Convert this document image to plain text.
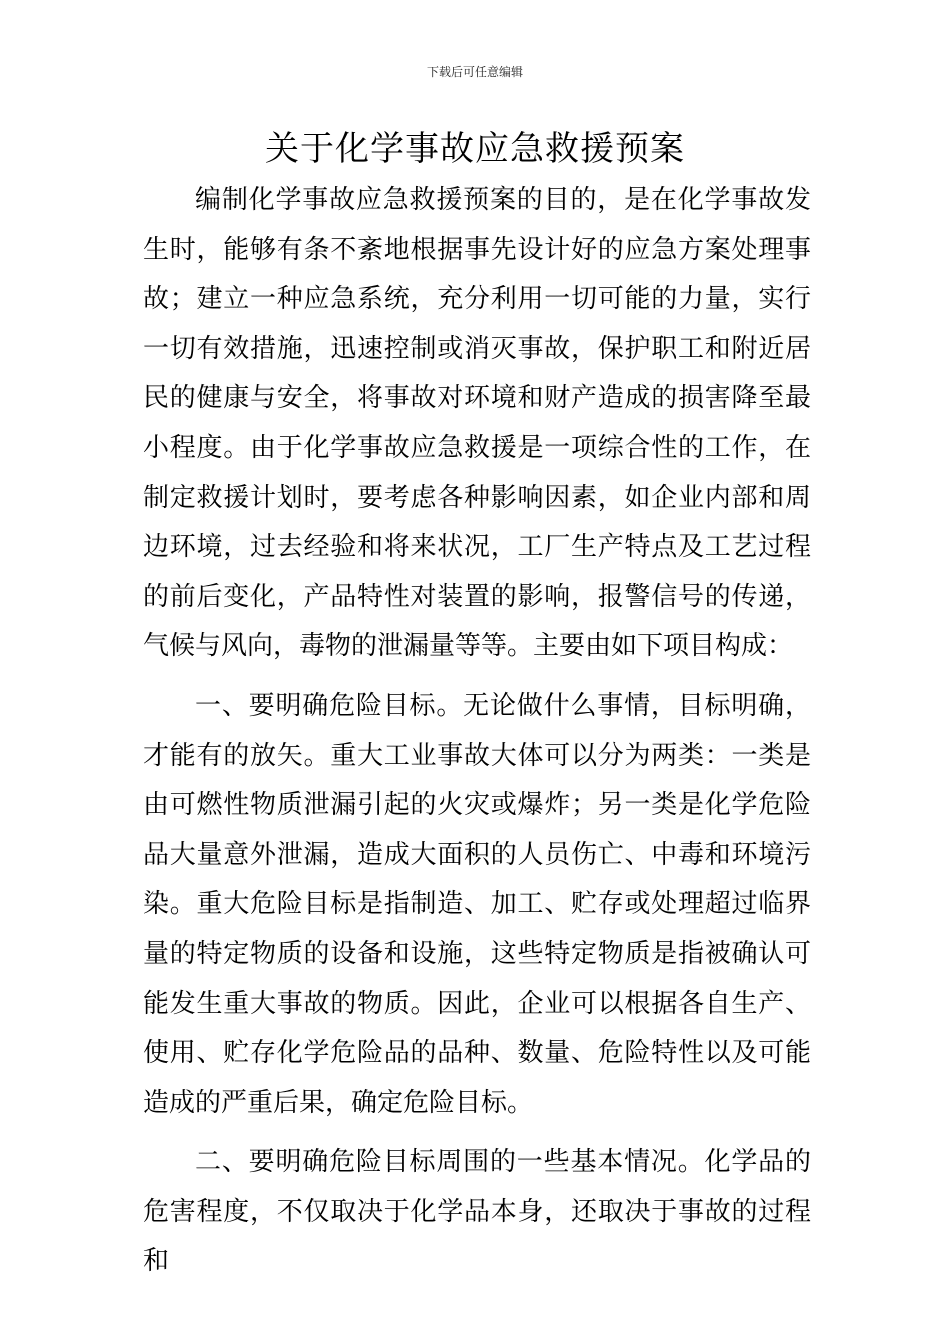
下载后可任意编辑
关于化学事故应急救援预案

编制化学事故应急救援预案的目的，是在化学事故发生时，能够有条不紊地根据事先设计好的应急方案处理事故；建立一种应急系统，充分利用一切可能的力量，实行一切有效措施，迅速控制或消灭事故，保护职工和附近居民的健康与安全，将事故对环境和财产造成的损害降至最小程度。由于化学事故应急救援是一项综合性的工作，在制定救援计划时，要考虑各种影响因素，如企业内部和周边环境，过去经验和将来状况，工厂生产特点及工艺过程的前后变化，产品特性对装置的影响，报警信号的传递，气候与风向，毒物的泄漏量等等。主要由如下项目构成：

一、要明确危险目标。无论做什么事情，目标明确，才能有的放矢。重大工业事故大体可以分为两类：一类是由可燃性物质泄漏引起的火灾或爆炸；另一类是化学危险品大量意外泄漏，造成大面积的人员伤亡、中毒和环境污染。重大危险目标是指制造、加工、贮存或处理超过临界量的特定物质的设备和设施，这些特定物质是指被确认可能发生重大事故的物质。因此，企业可以根据各自生产、使用、贮存化学危险品的品种、数量、危险特性以及可能造成的严重后果，确定危险目标。

二、要明确危险目标周围的一些基本情况。化学品的危害程度，不仅取决于化学品本身，还取决于事故的过程和
